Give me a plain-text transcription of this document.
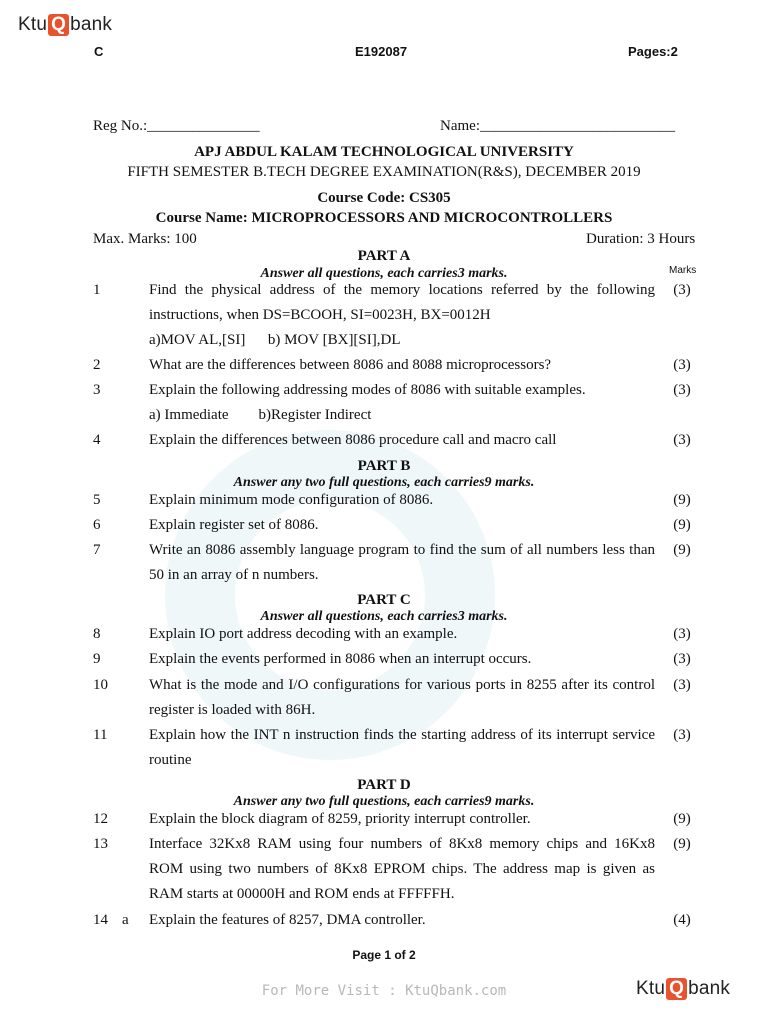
Ktu Q bank
C	E192087	Pages:2
Reg No.:_______________	Name:__________________________
APJ ABDUL KALAM TECHNOLOGICAL UNIVERSITY
FIFTH SEMESTER B.TECH DEGREE EXAMINATION(R&S), DECEMBER 2019
Course Code: CS305
Course Name: MICROPROCESSORS AND MICROCONTROLLERS
Max. Marks: 100	Duration: 3 Hours
Marks
PART A
Answer all questions, each carries3 marks.
1	Find the physical address of the memory locations referred by the following instructions, when DS=BCOOH, SI=0023H, BX=0012H
a)MOV AL,[SI]      b) MOV [BX][SI],DL
(3)
2	What are the differences between 8086 and 8088 microprocessors?	(3)
3	Explain the following addressing modes of 8086 with suitable examples.
a) Immediate        b)Register Indirect
(3)
4	Explain the differences between 8086 procedure call and macro call	(3)
PART B
Answer any two full questions, each carries9 marks.
5	Explain minimum mode configuration of 8086.	(9)
6	Explain register set of 8086.	(9)
7	Write an 8086 assembly language program to find the sum of all numbers less than 50 in an array of n numbers.
(9)
PART C
Answer all questions, each carries3 marks.
8	Explain IO port address decoding with an example.	(3)
9	Explain the events performed in 8086 when an interrupt occurs.	(3)
10	What is the mode and I/O configurations for various ports in 8255 after its control register is loaded with 86H.
(3)
11	Explain how the INT n instruction finds the starting address of its interrupt service routine
(3)
PART D
Answer any two full questions, each carries9 marks.
12	Explain the block diagram of 8259, priority interrupt controller.	(9)
13	Interface 32Kx8 RAM using four numbers of 8Kx8 memory chips and 16Kx8 ROM using two numbers of 8Kx8 EPROM chips. The address map is given as RAM starts at 00000H and ROM ends at FFFFFH.
(9)
14 a Explain the features of 8257, DMA controller.	(4)
Page 1 of 2
For More Visit : KtuQbank.com	Ktu Q bank
